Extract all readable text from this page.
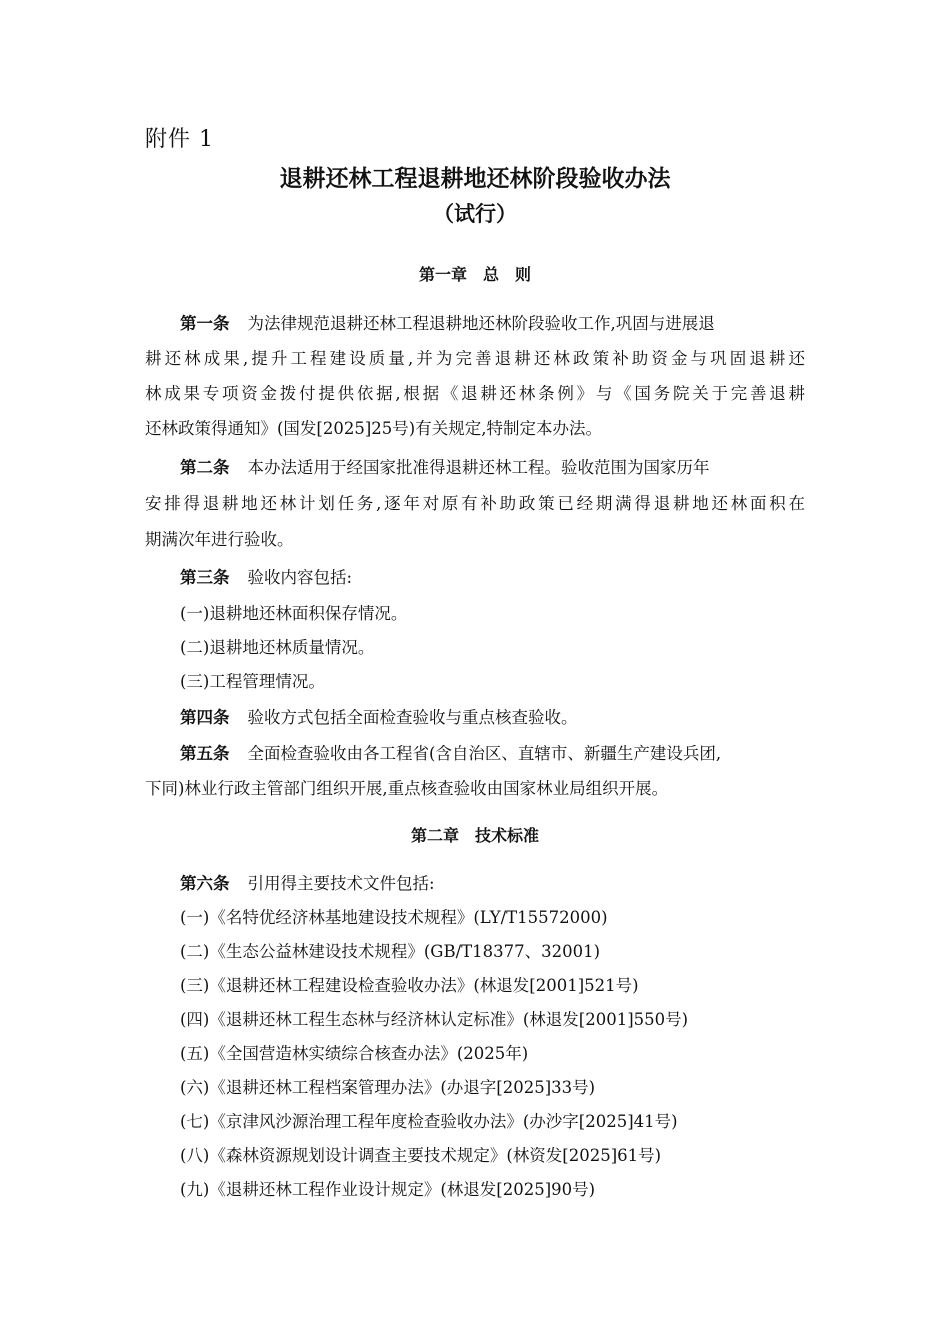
附件 1
退耕还林工程退耕地还林阶段验收办法
（试行）
第一章　总　则
第一条 为法律规范退耕还林工程退耕地还林阶段验收工作,巩固与进展退
耕还林成果,提升工程建设质量,并为完善退耕还林政策补助资金与巩固退耕还
林成果专项资金拨付提供依据,根据《退耕还林条例》与《国务院关于完善退耕
还林政策得通知》(国发[2025]25号)有关规定,特制定本办法。
第二条 本办法适用于经国家批准得退耕还林工程。验收范围为国家历年
安排得退耕地还林计划任务,逐年对原有补助政策已经期满得退耕地还林面积在
期满次年进行验收。
第三条 验收内容包括:
(一)退耕地还林面积保存情况。
(二)退耕地还林质量情况。
(三)工程管理情况。
第四条 验收方式包括全面检查验收与重点核查验收。
第五条 全面检查验收由各工程省(含自治区、直辖市、新疆生产建设兵团,
下同)林业行政主管部门组织开展,重点核查验收由国家林业局组织开展。
第二章　技术标准
第六条 引用得主要技术文件包括:
(一)《名特优经济林基地建设技术规程》(LY/T15572000)
(二)《生态公益林建设技术规程》(GB/T18377、32001)
(三)《退耕还林工程建设检查验收办法》(林退发[2001]521号)
(四)《退耕还林工程生态林与经济林认定标准》(林退发[2001]550号)
(五)《全国营造林实绩综合核查办法》(2025年)
(六)《退耕还林工程档案管理办法》(办退字[2025]33号)
(七)《京津风沙源治理工程年度检查验收办法》(办沙字[2025]41号)
(八)《森林资源规划设计调查主要技术规定》(林资发[2025]61号)
(九)《退耕还林工程作业设计规定》(林退发[2025]90号)
